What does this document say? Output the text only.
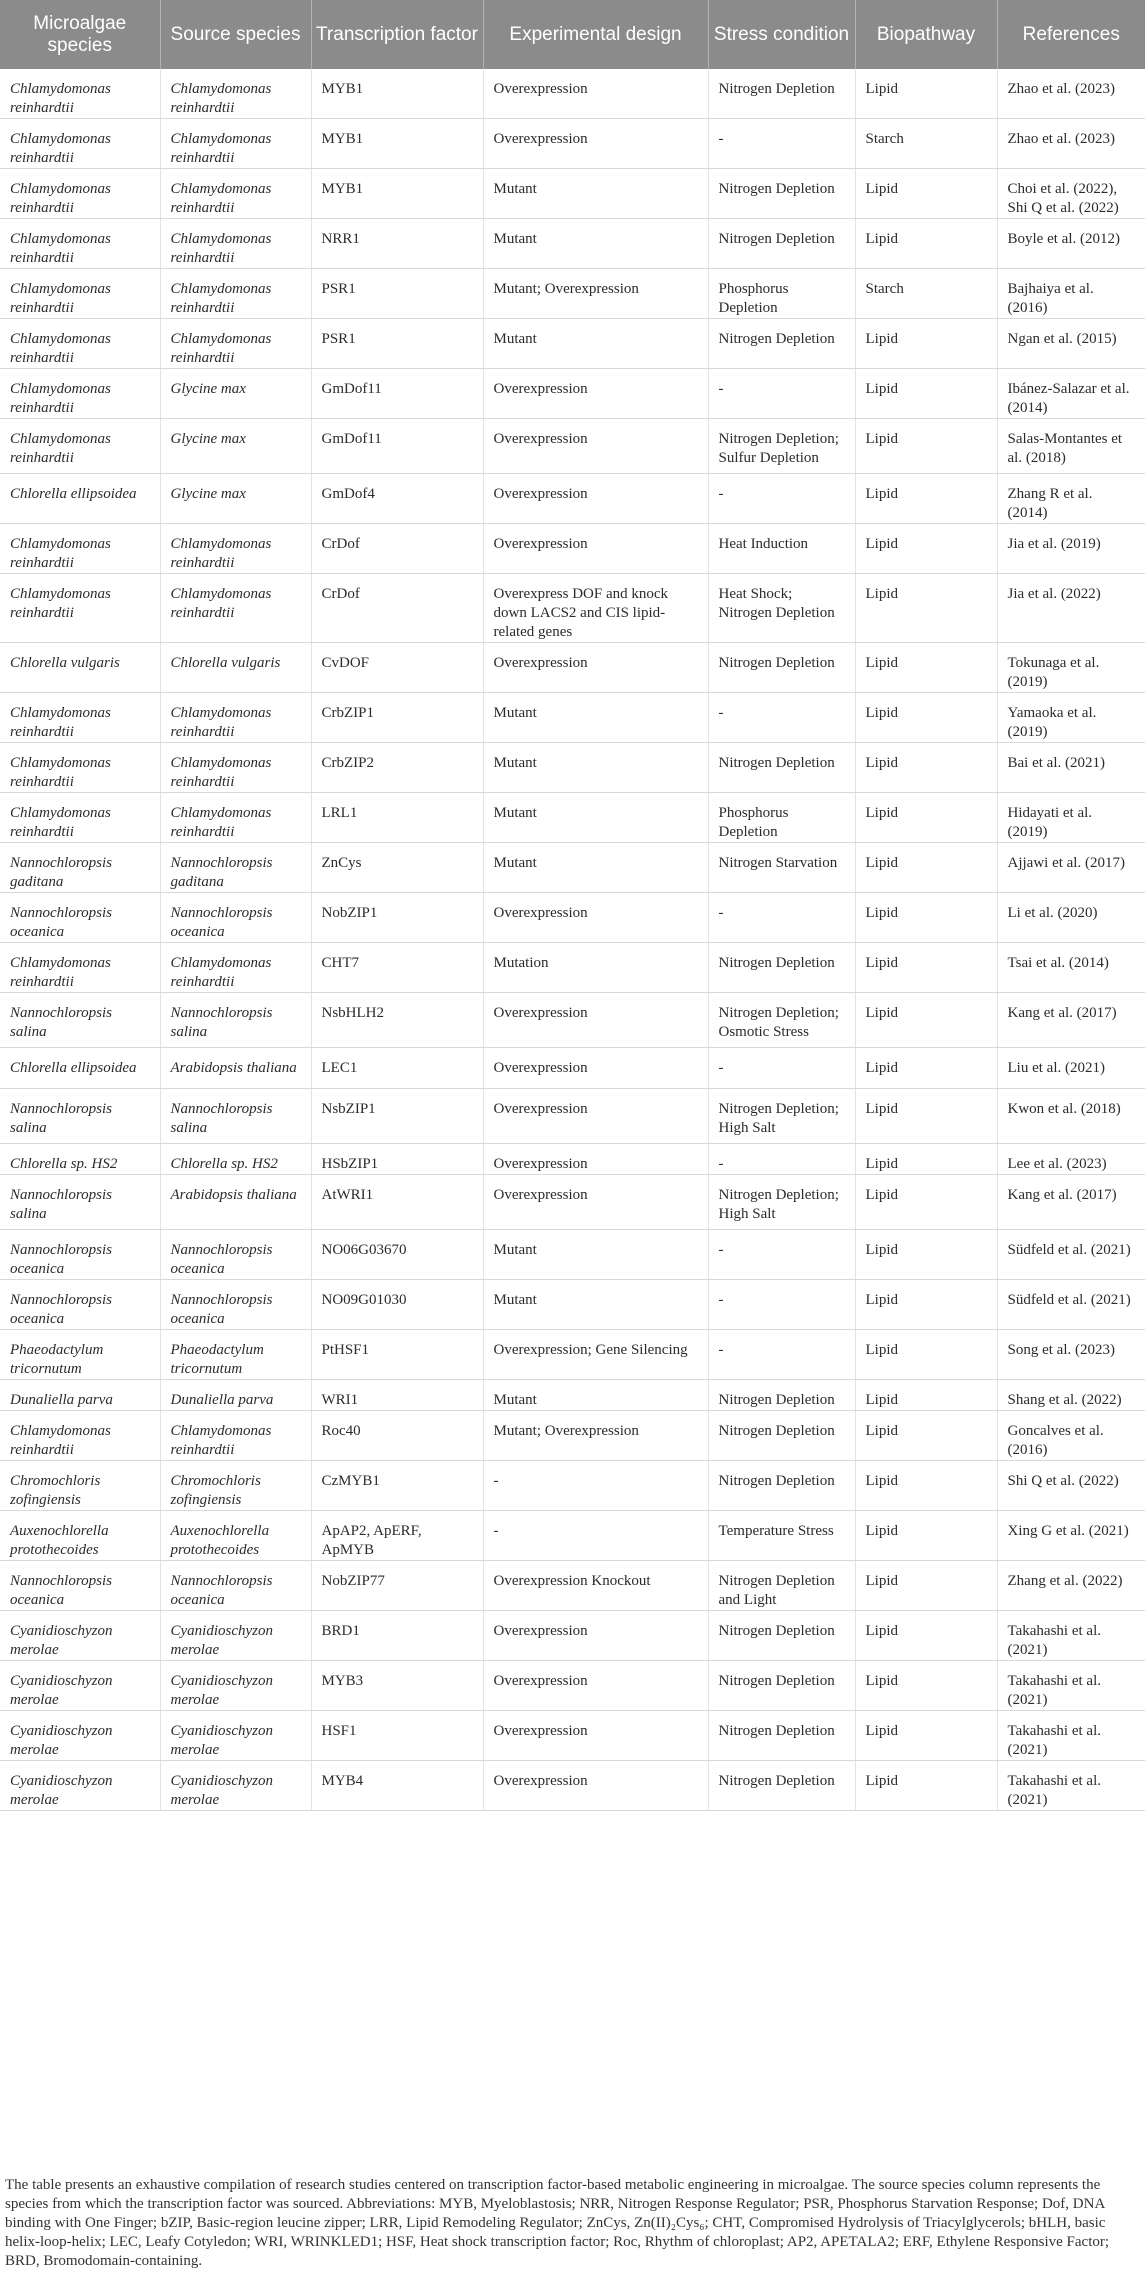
Microalgae species	Source species	Transcription factor	Experimental design	Stress condition	Biopathway	References
Chlamydomonas reinhardtii	Chlamydomonas reinhardtii	MYB1	Overexpression	Nitrogen Depletion	Lipid	Zhao et al. (2023)
Chlamydomonas reinhardtii	Chlamydomonas reinhardtii	MYB1	Overexpression	-	Starch	Zhao et al. (2023)
Chlamydomonas reinhardtii	Chlamydomonas reinhardtii	MYB1	Mutant	Nitrogen Depletion	Lipid	Choi et al. (2022), Shi Q et al. (2022)
Chlamydomonas reinhardtii	Chlamydomonas reinhardtii	NRR1	Mutant	Nitrogen Depletion	Lipid	Boyle et al. (2012)
Chlamydomonas reinhardtii	Chlamydomonas reinhardtii	PSR1	Mutant; Overexpression	Phosphorus Depletion	Starch	Bajhaiya et al. (2016)
Chlamydomonas reinhardtii	Chlamydomonas reinhardtii	PSR1	Mutant	Nitrogen Depletion	Lipid	Ngan et al. (2015)
Chlamydomonas reinhardtii	Glycine max	GmDof11	Overexpression	-	Lipid	Ibánez-Salazar et al. (2014)
Chlamydomonas reinhardtii	Glycine max	GmDof11	Overexpression	Nitrogen Depletion; Sulfur Depletion	Lipid	Salas-Montantes et al. (2018)
Chlorella ellipsoidea	Glycine max	GmDof4	Overexpression	-	Lipid	Zhang R et al. (2014)
Chlamydomonas reinhardtii	Chlamydomonas reinhardtii	CrDof	Overexpression	Heat Induction	Lipid	Jia et al. (2019)
Chlamydomonas reinhardtii	Chlamydomonas reinhardtii	CrDof	Overexpress DOF and knock down LACS2 and CIS lipid-related genes	Heat Shock; Nitrogen Depletion	Lipid	Jia et al. (2022)
Chlorella vulgaris	Chlorella vulgaris	CvDOF	Overexpression	Nitrogen Depletion	Lipid	Tokunaga et al. (2019)
Chlamydomonas reinhardtii	Chlamydomonas reinhardtii	CrbZIP1	Mutant	-	Lipid	Yamaoka et al. (2019)
Chlamydomonas reinhardtii	Chlamydomonas reinhardtii	CrbZIP2	Mutant	Nitrogen Depletion	Lipid	Bai et al. (2021)
Chlamydomonas reinhardtii	Chlamydomonas reinhardtii	LRL1	Mutant	Phosphorus Depletion	Lipid	Hidayati et al. (2019)
Nannochloropsis gaditana	Nannochloropsis gaditana	ZnCys	Mutant	Nitrogen Starvation	Lipid	Ajjawi et al. (2017)
Nannochloropsis oceanica	Nannochloropsis oceanica	NobZIP1	Overexpression	-	Lipid	Li et al. (2020)
Chlamydomonas reinhardtii	Chlamydomonas reinhardtii	CHT7	Mutation	Nitrogen Depletion	Lipid	Tsai et al. (2014)
Nannochloropsis salina	Nannochloropsis salina	NsbHLH2	Overexpression	Nitrogen Depletion; Osmotic Stress	Lipid	Kang et al. (2017)
Chlorella ellipsoidea	Arabidopsis thaliana	LEC1	Overexpression	-	Lipid	Liu et al. (2021)
Nannochloropsis salina	Nannochloropsis salina	NsbZIP1	Overexpression	Nitrogen Depletion; High Salt	Lipid	Kwon et al. (2018)
Chlorella sp. HS2	Chlorella sp. HS2	HSbZIP1	Overexpression	-	Lipid	Lee et al. (2023)
Nannochloropsis salina	Arabidopsis thaliana	AtWRI1	Overexpression	Nitrogen Depletion; High Salt	Lipid	Kang et al. (2017)
Nannochloropsis oceanica	Nannochloropsis oceanica	NO06G03670	Mutant	-	Lipid	Südfeld et al. (2021)
Nannochloropsis oceanica	Nannochloropsis oceanica	NO09G01030	Mutant	-	Lipid	Südfeld et al. (2021)
Phaeodactylum tricornutum	Phaeodactylum tricornutum	PtHSF1	Overexpression; Gene Silencing	-	Lipid	Song et al. (2023)
Dunaliella parva	Dunaliella parva	WRI1	Mutant	Nitrogen Depletion	Lipid	Shang et al. (2022)
Chlamydomonas reinhardtii	Chlamydomonas reinhardtii	Roc40	Mutant; Overexpression	Nitrogen Depletion	Lipid	Goncalves et al. (2016)
Chromochloris zofingiensis	Chromochloris zofingiensis	CzMYB1	-	Nitrogen Depletion	Lipid	Shi Q et al. (2022)
Auxenochlorella protothecoides	Auxenochlorella protothecoides	ApAP2, ApERF, ApMYB	-	Temperature Stress	Lipid	Xing G et al. (2021)
Nannochloropsis oceanica	Nannochloropsis oceanica	NobZIP77	Overexpression Knockout	Nitrogen Depletion and Light	Lipid	Zhang et al. (2022)
Cyanidioschyzon merolae	Cyanidioschyzon merolae	BRD1	Overexpression	Nitrogen Depletion	Lipid	Takahashi et al. (2021)
Cyanidioschyzon merolae	Cyanidioschyzon merolae	MYB3	Overexpression	Nitrogen Depletion	Lipid	Takahashi et al. (2021)
Cyanidioschyzon merolae	Cyanidioschyzon merolae	HSF1	Overexpression	Nitrogen Depletion	Lipid	Takahashi et al. (2021)
Cyanidioschyzon merolae	Cyanidioschyzon merolae	MYB4	Overexpression	Nitrogen Depletion	Lipid	Takahashi et al. (2021)

The table presents an exhaustive compilation of research studies centered on transcription factor-based metabolic engineering in microalgae. The source species column represents the species from which the transcription factor was sourced. Abbreviations: MYB, Myeloblastosis; NRR, Nitrogen Response Regulator; PSR, Phosphorus Starvation Response; Dof, DNA binding with One Finger; bZIP, Basic-region leucine zipper; LRR, Lipid Remodeling Regulator; ZnCys, Zn(II)₂Cys₆; CHT, Compromised Hydrolysis of Triacylglycerols; bHLH, basic helix-loop-helix; LEC, Leafy Cotyledon; WRI, WRINKLED1; HSF, Heat shock transcription factor; Roc, Rhythm of chloroplast; AP2, APETALA2; ERF, Ethylene Responsive Factor; BRD, Bromodomain-containing.
